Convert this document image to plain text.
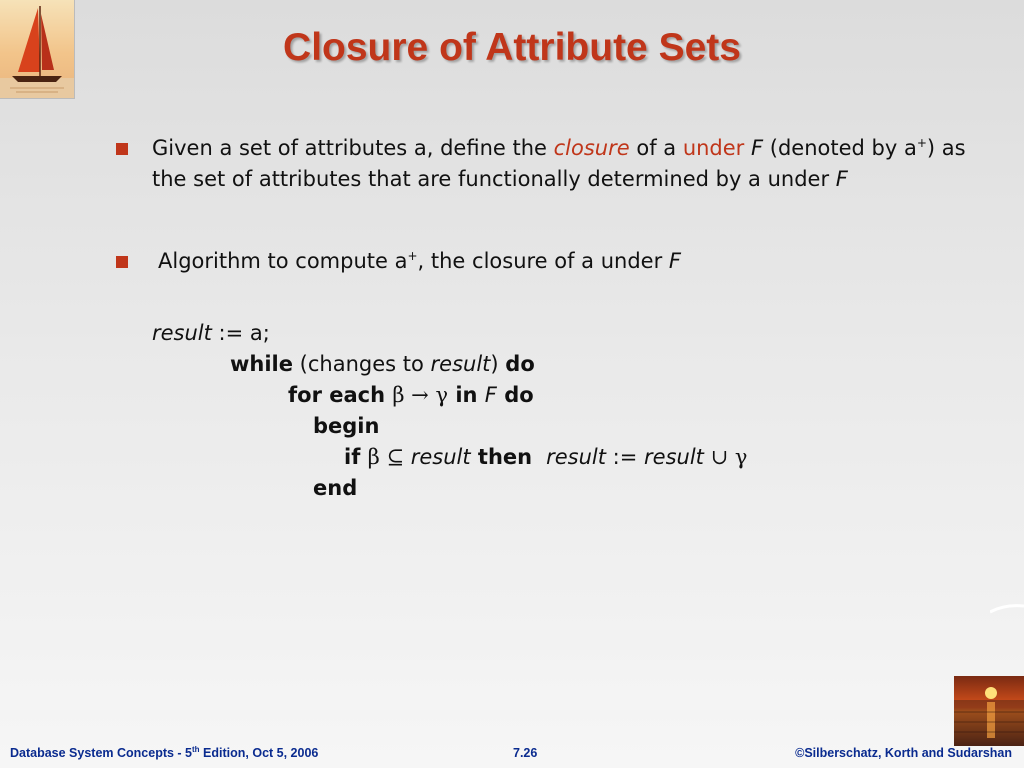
Closure of Attribute Sets
Given a set of attributes a, define the closure of a under F (denoted by a+) as
the set of attributes that are functionally determined by a under F
Algorithm to compute a+, the closure of a under F
result := a;
while (changes to result) do
for each β → γ in F do
begin
if β ⊆ result then result := result ∪ γ
end
Database System Concepts - 5th Edition, Oct 5, 2006	7.26	©Silberschatz, Korth and Sudarshan
